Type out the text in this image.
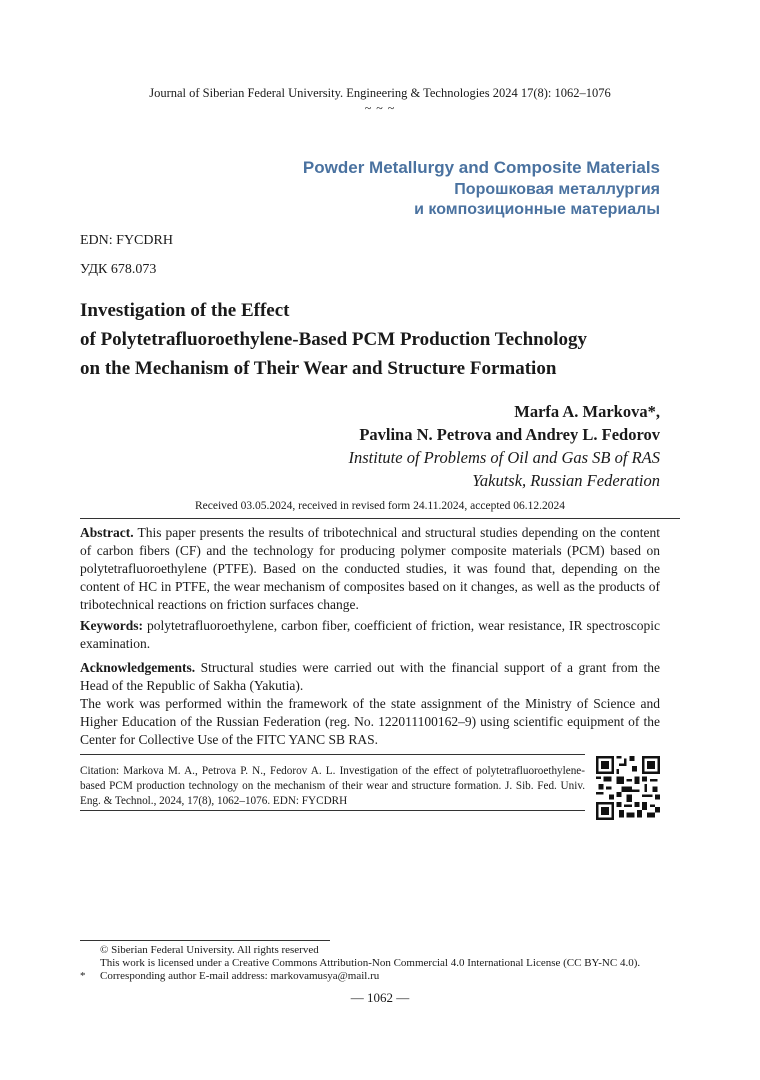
Journal of Siberian Federal University. Engineering & Technologies 2024 17(8): 1062–1076
~ ~ ~
Powder Metallurgy and Composite Materials
Порошковая металлургия
и композиционные материалы
EDN: FYCDRH
УДК 678.073
Investigation of the Effect
of Polytetrafluoroethylene-Based PCM Production Technology
on the Mechanism of Their Wear and Structure Formation
Marfa A. Markova*,
Pavlina N. Petrova and Andrey L. Fedorov
Institute of Problems of Oil and Gas SB of RAS
Yakutsk, Russian Federation
Received 03.05.2024, received in revised form 24.11.2024, accepted 06.12.2024
Abstract. This paper presents the results of tribotechnical and structural studies depending on the content of carbon fibers (CF) and the technology for producing polymer composite materials (PCM) based on polytetrafluoroethylene (PTFE). Based on the conducted studies, it was found that, depending on the content of HC in PTFE, the wear mechanism of composites based on it changes, as well as the products of tribotechnical reactions on friction surfaces change.
Keywords: polytetrafluoroethylene, carbon fiber, coefficient of friction, wear resistance, IR spectroscopic examination.
Acknowledgements. Structural studies were carried out with the financial support of a grant from the Head of the Republic of Sakha (Yakutia).
The work was performed within the framework of the state assignment of the Ministry of Science and Higher Education of the Russian Federation (reg. No. 122011100162–9) using scientific equipment of the Center for Collective Use of the FITC YANC SB RAS.
Citation: Markova M. A., Petrova P. N., Fedorov A. L. Investigation of the effect of polytetrafluoroethylene-based PCM production technology on the mechanism of their wear and structure formation. J. Sib. Fed. Univ. Eng. & Technol., 2024, 17(8), 1062–1076. EDN: FYCDRH
© Siberian Federal University. All rights reserved
This work is licensed under a Creative Commons Attribution-Non Commercial 4.0 International License (CC BY-NC 4.0).
* Corresponding author E-mail address: markovamusya@mail.ru
— 1062 —
